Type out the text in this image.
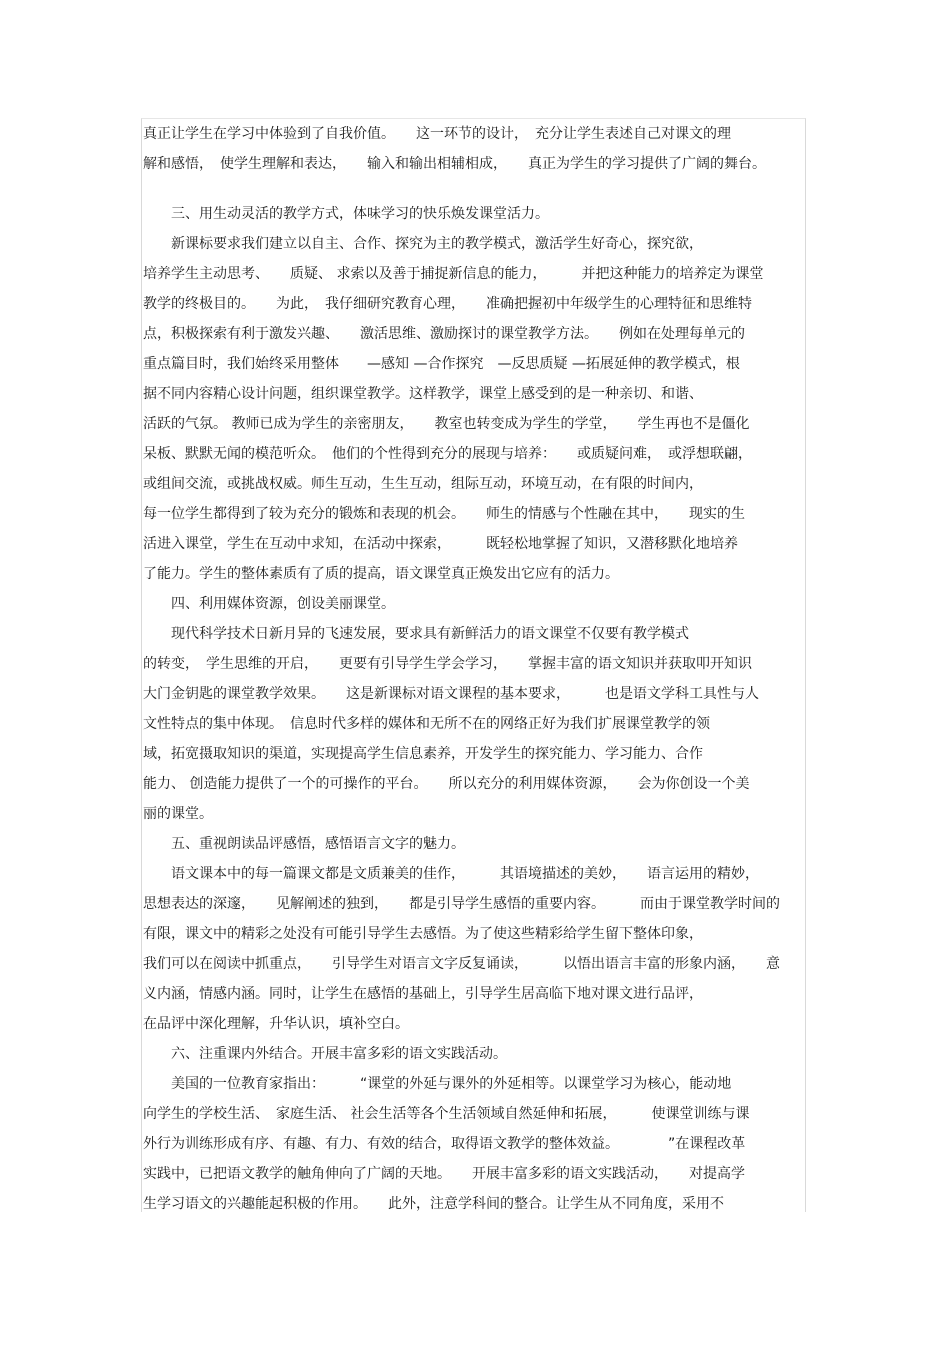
真正让学生在学习中体验到了自我价值。　　这一环节的设计，　充分让学生表述自己对课文的理
解和感悟，　使学生理解和表达，　　输入和输出相辅相成，　　真正为学生的学习提供了广阔的舞台。
　　三、用生动灵活的教学方式，体味学习的快乐焕发课堂活力。
　　新课标要求我们建立以自主、合作、探究为主的教学模式，激活学生好奇心，探究欲，
培养学生主动思考、　　质疑、 求索以及善于捕捉新信息的能力，　　　并把这种能力的培养定为课堂
教学的终极目的。　　为此，　我仔细研究教育心理，　　准确把握初中年级学生的心理特征和思维特
点，积极探索有利于激发兴趣、　　激活思维、激励探讨的课堂教学方法。　　例如在处理每单元的
重点篇目时，我们始终采用整体　　—感知 —合作探究　—反思质疑 —拓展延伸的教学模式，根
据不同内容精心设计问题，组织课堂教学。这样教学，课堂上感受到的是一种亲切、和谐、
活跃的气氛。 教师已成为学生的亲密朋友，　　教室也转变成为学生的学堂，　　学生再也不是僵化
呆板、默默无闻的模范听众。　他们的个性得到充分的展现与培养：　　或质疑问难，　或浮想联翩，
或组间交流，或挑战权威。师生互动，生生互动，组际互动，环境互动，在有限的时间内，
每一位学生都得到了较为充分的锻炼和表现的机会。　　师生的情感与个性融在其中，　　现实的生
活进入课堂，学生在互动中求知，在活动中探索，　　　既轻松地掌握了知识，又潜移默化地培养
了能力。学生的整体素质有了质的提高，语文课堂真正焕发出它应有的活力。
　　四、利用媒体资源，创设美丽课堂。
　　现代科学技术日新月异的飞速发展，要求具有新鲜活力的语文课堂不仅要有教学模式
的转变，　学生思维的开启，　　更要有引导学生学会学习，　　掌握丰富的语文知识并获取叩开知识
大门金钥匙的课堂教学效果。　　这是新课标对语文课程的基本要求，　　　也是语文学科工具性与人
文性特点的集中体现。　信息时代多样的媒体和无所不在的网络正好为我们扩展课堂教学的领
域，拓宽摄取知识的渠道，实现提高学生信息素养，开发学生的探究能力、学习能力、合作
能力、 创造能力提供了一个的可操作的平台。　　所以充分的利用媒体资源，　　会为你创设一个美
丽的课堂。
　　五、重视朗读品评感悟，感悟语言文字的魅力。
　　语文课本中的每一篇课文都是文质兼美的佳作，　　　其语境描述的美妙，　　语言运用的精妙，
思想表达的深邃，　　见解阐述的独到，　　都是引导学生感悟的重要内容。　　　而由于课堂教学时间的
有限，课文中的精彩之处没有可能引导学生去感悟。为了使这些精彩给学生留下整体印象，
我们可以在阅读中抓重点，　　引导学生对语言文字反复诵读，　　　以悟出语言丰富的形象内涵，　　意
义内涵，情感内涵。同时，让学生在感悟的基础上，引导学生居高临下地对课文进行品评，
在品评中深化理解，升华认识，填补空白。
　　六、注重课内外结合。开展丰富多彩的语文实践活动。
　　美国的一位教育家指出：　　　“课堂的外延与课外的外延相等。以课堂学习为核心，能动地
向学生的学校生活、　家庭生活、 社会生活等各个生活领域自然延伸和拓展，　　　使课堂训练与课
外行为训练形成有序、有趣、有力、有效的结合，取得语文教学的整体效益。　　　　”在课程改革
实践中，已把语文教学的触角伸向了广阔的天地。　　开展丰富多彩的语文实践活动，　　对提高学
生学习语文的兴趣能起积极的作用。　　此外，注意学科间的整合。让学生从不同角度，采用不
